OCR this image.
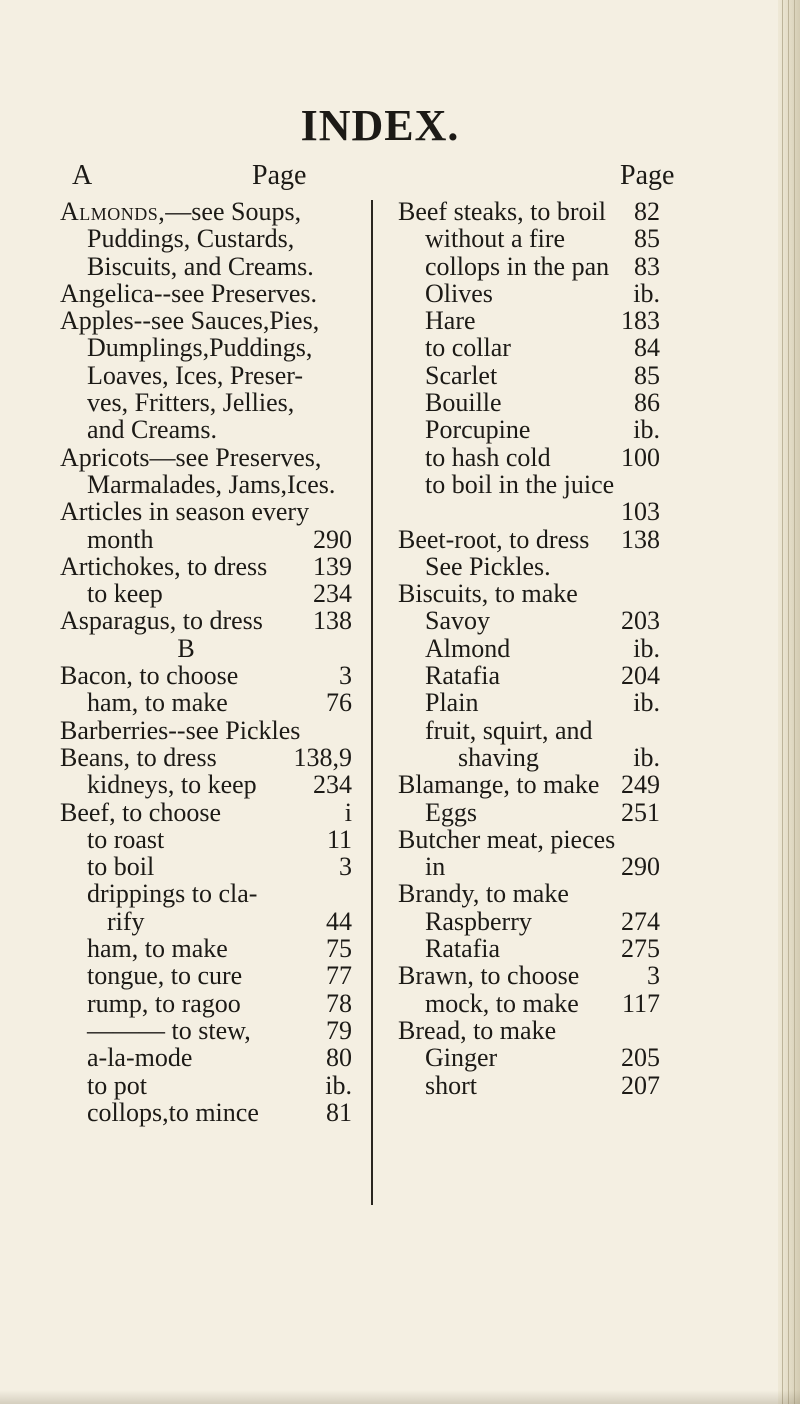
INDEX.
A	Page	Page
Almonds,—see Soups,
Puddings, Custards,
Biscuits, and Creams.
Angelica--see Preserves.
Apples--see Sauces,Pies,
Dumplings,Puddings,
Loaves, Ices, Preser-
ves, Fritters, Jellies,
and Creams.
Apricots—see Preserves,
Marmalades, Jams,Ices.
Articles in season every
month	290
Artichokes, to dress 139
to keep	234
Asparagus, to dress 138
B
Bacon, to choose	3
ham, to make	76
Barberries--see Pickles
Beans, to dress	138,9
kidneys, to keep 234
Beef, to choose	i
to roast	11
to boil	3
drippings to cla-
rify	44
ham, to make	75
tongue, to cure	77
rump, to ragoo	78
——— to stew,	79
a-la-mode	80
to pot	ib.
collops,to mince	81
Beef steaks, to broil 82
without a fire	85
collops in the pan 83
Olives	ib.
Hare	183
to collar	84
Scarlet	85
Bouille	86
Porcupine	ib.
to hash cold	100
to boil in the juice
103
Beet-root, to dress 138
See Pickles.
Biscuits, to make
Savoy	203
Almond	ib.
Ratafia	204
Plain	ib.
fruit, squirt, and
shaving	ib.
Blamange, to make 249
Eggs	251
Butcher meat, pieces
in	290
Brandy, to make
Raspberry	274
Ratafia	275
Brawn, to choose	3
mock, to make 117
Bread, to make
Ginger	205
short	207
